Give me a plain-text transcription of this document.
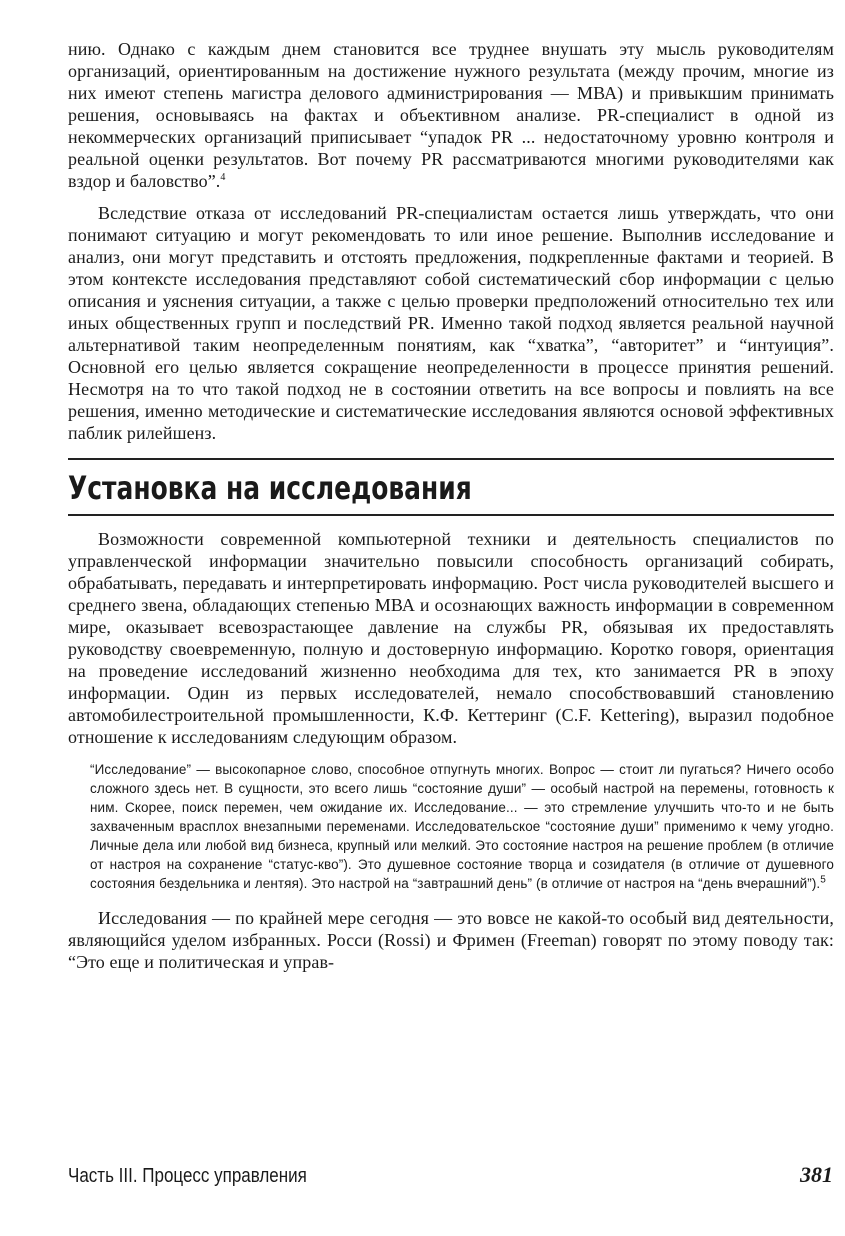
нию. Однако с каждым днем становится все труднее внушать эту мысль руководителям организаций, ориентированным на достижение нужного результата (между прочим, многие из них имеют степень магистра делового администрирования — МВА) и привыкшим принимать решения, основываясь на фактах и объективном анализе. PR-специалист в одной из некоммерческих организаций приписывает “упадок PR ... недостаточному уровню контроля и реальной оценки результатов. Вот почему PR рассматриваются многими руководителями как вздор и баловство”.$^4$

Вследствие отказа от исследований PR-специалистам остается лишь утверждать, что они понимают ситуацию и могут рекомендовать то или иное решение. Выполнив исследование и анализ, они могут представить и отстоять предложения, подкрепленные фактами и теорией. В этом контексте исследования представляют собой систематический сбор информации с целью описания и уяснения ситуации, а также с целью проверки предположений относительно тех или иных общественных групп и последствий PR. Именно такой подход является реальной научной альтернативой таким неопределенным понятиям, как “хватка”, “авторитет” и “интуиция”. Основной его целью является сокращение неопределенности в процессе принятия решений. Несмотря на то что такой подход не в состоянии ответить на все вопросы и повлиять на все решения, именно методические и систематические исследования являются основой эффективных паблик рилейшенз.

Установка на исследования

Возможности современной компьютерной техники и деятельность специалистов по управленческой информации значительно повысили способность организаций собирать, обрабатывать, передавать и интерпретировать информацию. Рост числа руководителей высшего и среднего звена, обладающих степенью МВА и осознающих важность информации в современном мире, оказывает всевозрастающее давление на службы PR, обязывая их предоставлять руководству своевременную, полную и достоверную информацию. Коротко говоря, ориентация на проведение исследований жизненно необходима для тех, кто занимается PR в эпоху информации. Один из первых исследователей, немало способствовавший становлению автомобилестроительной промышленности, К.Ф. Кеттеринг (C.F. Kettering), выразил подобное отношение к исследованиям следующим образом.

“Исследование” — высокопарное слово, способное отпугнуть многих. Вопрос — стоит ли пугаться? Ничего особо сложного здесь нет. В сущности, это всего лишь “состояние души” — особый настрой на перемены, готовность к ним. Скорее, поиск перемен, чем ожидание их. Исследование... — это стремление улучшить что-то и не быть захваченным врасплох внезапными переменами. Исследовательское “состояние души” применимо к чему угодно. Личные дела или любой вид бизнеса, крупный или мелкий. Это состояние настроя на решение проблем (в отличие от настроя на сохранение “статус-кво”). Это душевное состояние творца и созидателя (в отличие от душевного состояния бездельника и лентяя). Это настрой на “завтрашний день” (в отличие от настроя на “день вчерашний”).$^5$

Исследования — по крайней мере сегодня — это вовсе не какой-то особый вид деятельности, являющийся уделом избранных. Росси (Rossi) и Фримен (Freeman) говорят по этому поводу так: “Это еще и политическая и управ-

Часть III. Процесс управления	381
